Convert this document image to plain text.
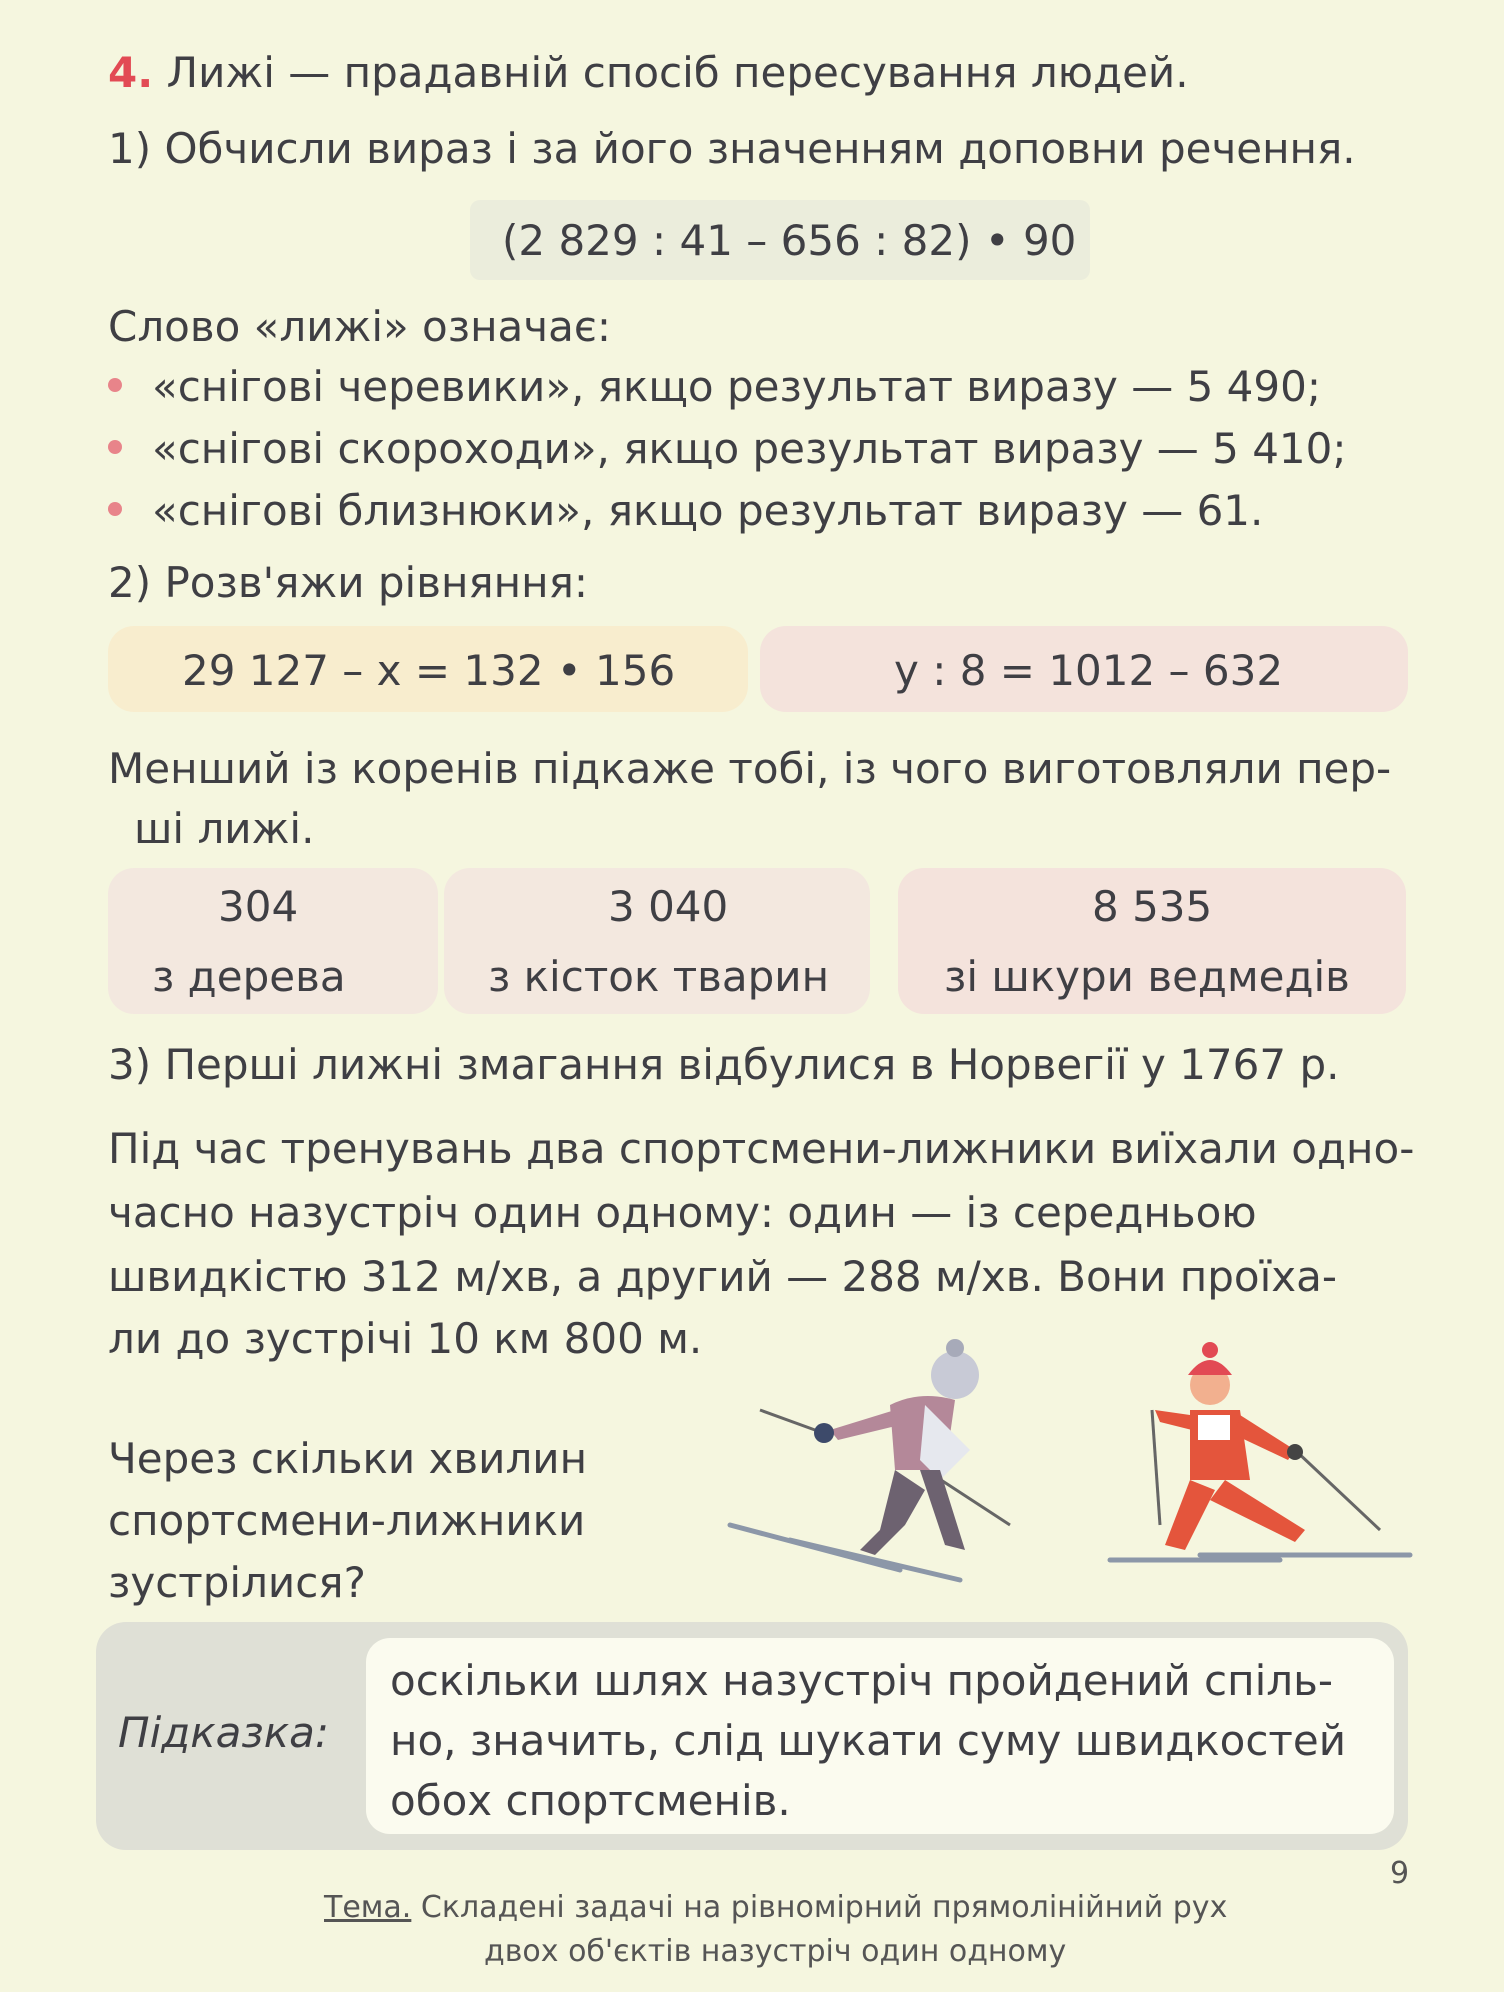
4. Лижі — прадавній спосіб пересування людей.
1) Обчисли вираз і за його значенням доповни речення.
(2 829 : 41 – 656 : 82) • 90
Слово «лижі» означає:
«снігові черевики», якщо результат виразу — 5 490;
«снігові скороходи», якщо результат виразу — 5 410;
«снігові близнюки», якщо результат виразу — 61.
2) Розв'яжи рівняння:
29 127 – x = 132 • 156	y : 8 = 1012 – 632
Менший із коренів підкаже тобі, із чого виготовляли пер-
ші лижі.
304
з дерева
3 040
з кісток тварин
8 535
зі шкури ведмедів
3) Перші лижні змагання відбулися в Норвегії у 1767 р.
Під час тренувань два спортсмени-лижники виїхали одно-
часно назустріч один одному: один — із середньою
швидкістю 312 м/хв, а другий — 288 м/хв. Вони проїха-
ли до зустрічі 10 км 800 м.
Через скільки хвилин
спортсмени-лижники
зустрілися?
Підказка:
оскільки шлях назустріч пройдений спіль-
но, значить, слід шукати суму швидкостей
обох спортсменів.
Тема. Складені задачі на рівномірний прямолінійний рух
двох об'єктів назустріч один одному
9
